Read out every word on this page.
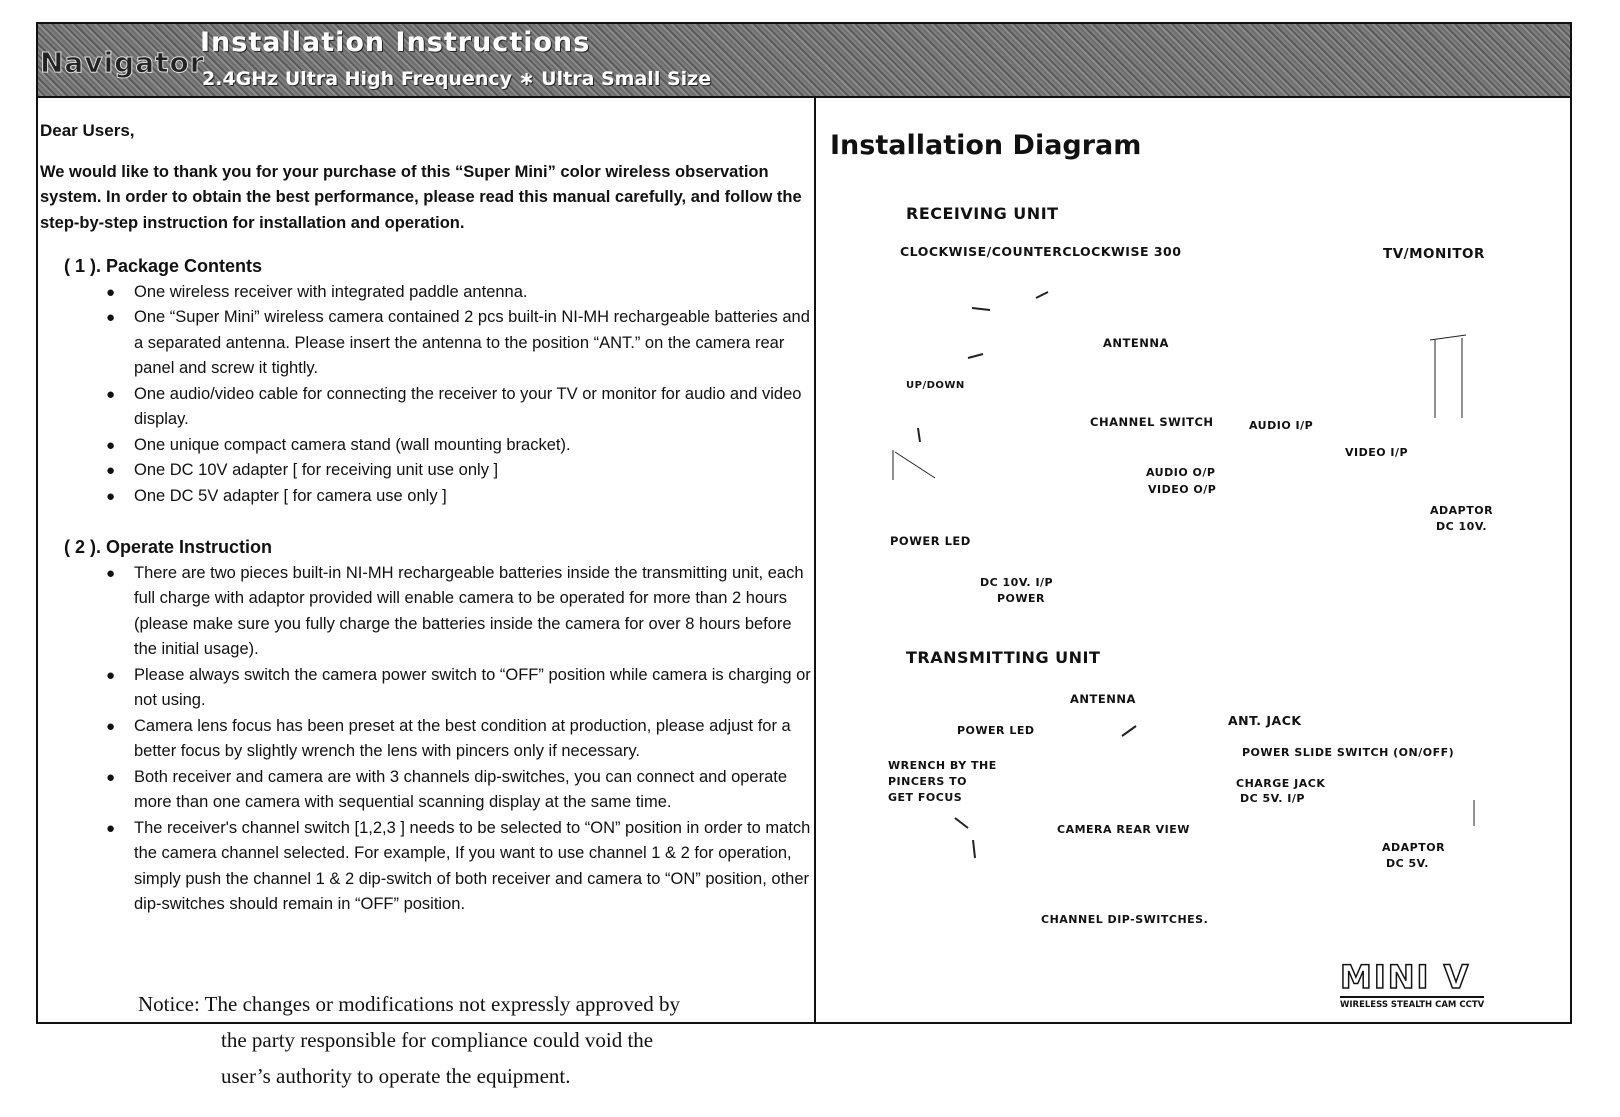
Navigator
Installation Instructions
2.4GHz Ultra High Frequency ∗ Ultra Small Size

Dear Users,

We would like to thank you for your purchase of this “Super Mini” color wireless observation system. In order to obtain the best performance, please read this manual carefully, and follow the step-by-step instruction for installation and operation.

( 1 ). Package Contents
● One wireless receiver with integrated paddle antenna.
● One “Super Mini” wireless camera contained 2 pcs built-in NI-MH rechargeable batteries and a separated antenna. Please insert the antenna to the position “ANT.” on the camera rear panel and screw it tightly.
● One audio/video cable for connecting the receiver to your TV or monitor for audio and video display.
● One unique compact camera stand (wall mounting bracket).
● One DC 10V adapter [ for receiving unit use only ]
● One DC 5V adapter [ for camera use only ]
( 2 ). Operate Instruction
● There are two pieces built-in NI-MH rechargeable batteries inside the transmitting unit, each full charge with adaptor provided will enable camera to be operated for more than 2 hours (please make sure you fully charge the batteries inside the camera for over 8 hours before the initial usage).
● Please always switch the camera power switch to “OFF” position while camera is charging or not using.
● Camera lens focus has been preset at the best condition at production, please adjust for a better focus by slightly wrench the lens with pincers only if necessary.
● Both receiver and camera are with 3 channels dip-switches, you can connect and operate more than one camera with sequential scanning display at the same time.
● The receiver's channel switch [1,2,3 ] needs to be selected to “ON” position in order to match the camera channel selected. For example, If you want to use channel 1 & 2 for operation, simply push the channel 1 & 2 dip-switch of both receiver and camera to “ON” position, other dip-switches should remain in “OFF” position.
Notice: The changes or modifications not expressly approved by

the party responsible for compliance could void the
user’s authority to operate the equipment.
Installation Diagram
RECEIVING UNIT
CLOCKWISE/COUNTERCLOCKWISE 300	TV/MONITOR
ANTENNA
UP/DOWN
CHANNEL SWITCH	AUDIO I/P
VIDEO I/P
AUDIO O/P
VIDEO O/P
ADAPTOR
DC 10V.
POWER LED
DC 10V. I/P
POWER
TRANSMITTING UNIT
ANTENNA
ANT. JACK
POWER LED
POWER SLIDE SWITCH (ON/OFF)
WRENCH BY THE
PINCERS TO
GET FOCUS
CHARGE JACK
DC 5V. I/P
CAMERA REAR VIEW
ADAPTOR
DC 5V.
CHANNEL DIP-SWITCHES.
MINI V
WIRELESS STEALTH CAM CCTV
